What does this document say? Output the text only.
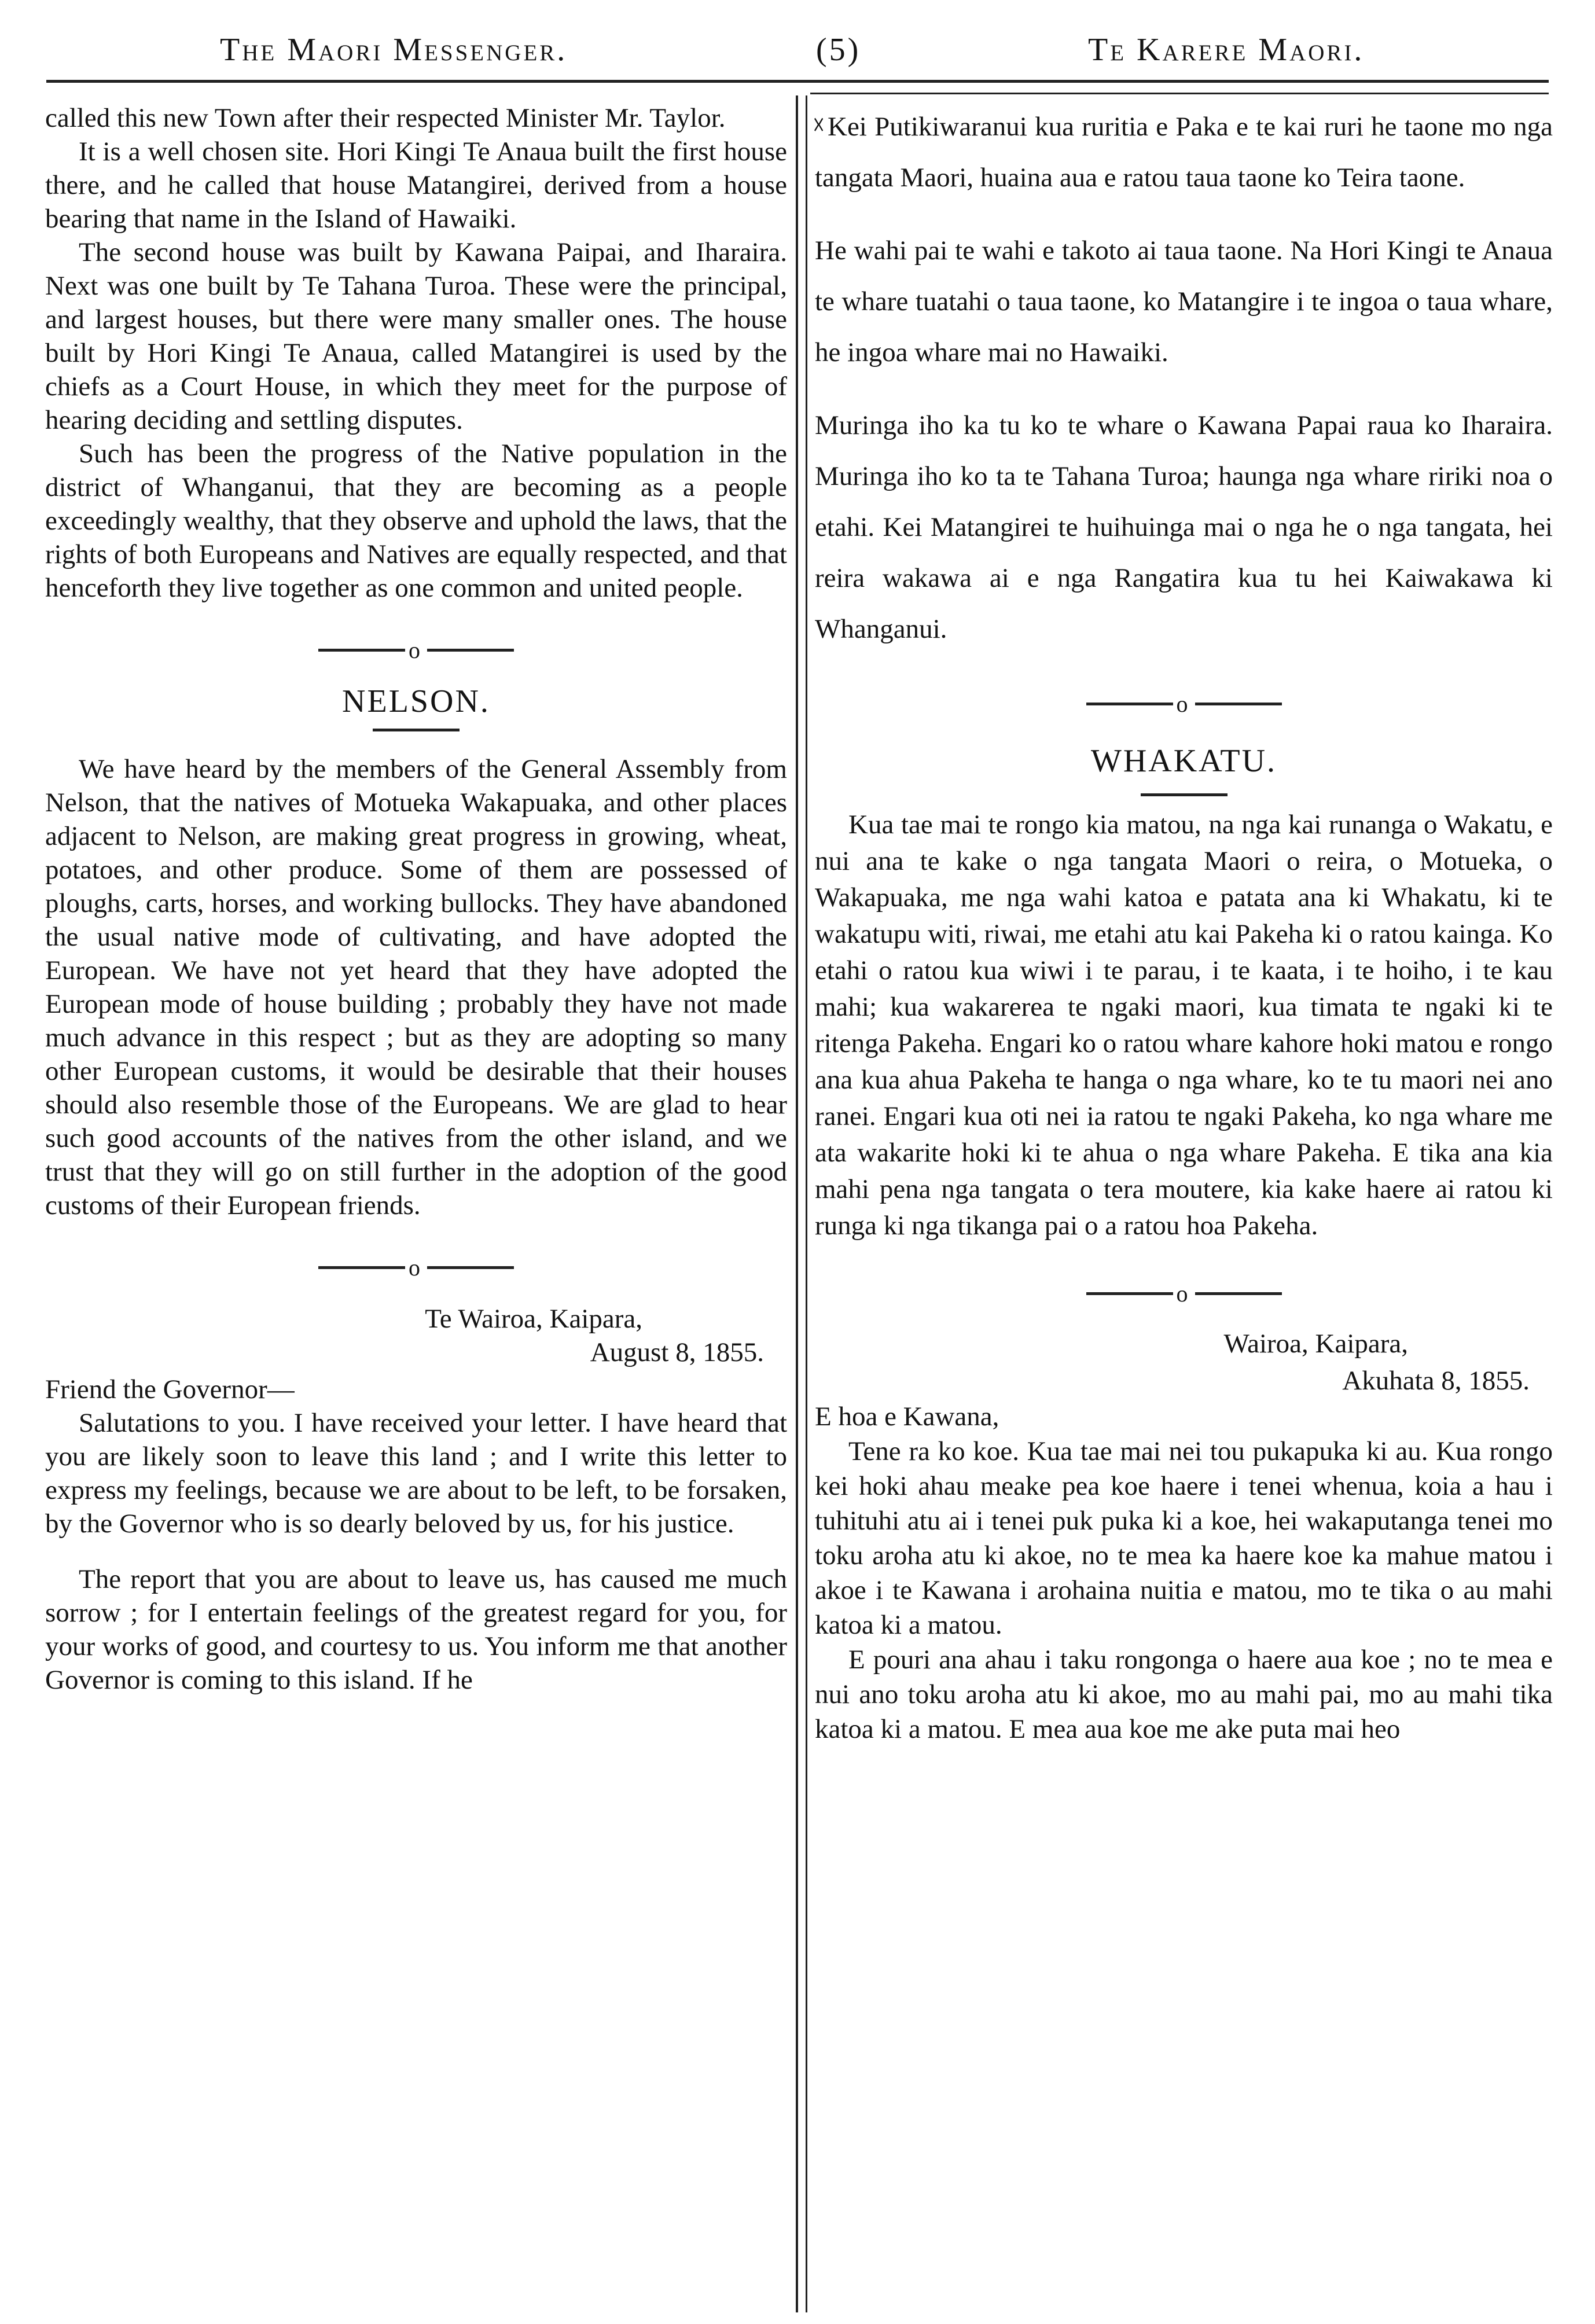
The Maori Messenger.	(5)	Te Karere Maori.

called this new Town after their respected Minister Mr. Taylor.

It is a well chosen site. Hori Kingi Te Anaua built the first house there, and he called that house Matangirei, derived from a house bearing that name in the Island of Hawaiki.

The second house was built by Kawana Paipai, and Iharaira. Next was one built by Te Tahana Turoa. These were the principal, and largest houses, but there were many smaller ones. The house built by Hori Kingi Te Anaua, called Matangirei is used by the chiefs as a Court House, in which they meet for the purpose of hearing deciding and settling disputes.

Such has been the progress of the Native population in the district of Whanganui, that they are becoming as a people exceedingly wealthy, that they observe and uphold the laws, that the rights of both Europeans and Natives are equally respected, and that henceforth they live together as one common and united people.

o
NELSON.

We have heard by the members of the General Assembly from Nelson, that the natives of Motueka Wakapuaka, and other places adjacent to Nelson, are making great progress in growing, wheat, potatoes, and other produce. Some of them are possessed of ploughs, carts, horses, and working bullocks. They have abandoned the usual native mode of cultivating, and have adopted the European. We have not yet heard that they have adopted the European mode of house building ; probably they have not made much advance in this respect ; but as they are adopting so many other European customs, it would be desirable that their houses should also resemble those of the Europeans. We are glad to hear such good accounts of the natives from the other island, and we trust that they will go on still further in the adoption of the good customs of their European friends.

o
Te Wairoa, Kaipara,
August 8, 1855.

Friend the Governor—

Salutations to you. I have received your letter. I have heard that you are likely soon to leave this land ; and I write this letter to express my feelings, because we are about to be left, to be forsaken, by the Governor who is so dearly beloved by us, for his justice.

The report that you are about to leave us, has caused me much sorrow ; for I entertain feelings of the greatest regard for you, for your works of good, and courtesy to us. You inform me that another Governor is coming to this island. If he

☓ Kei Putikiwaranui kua ruritia e Paka e te kai ruri he taone mo nga tangata Maori, huaina aua e ratou taua taone ko Teira taone.

He wahi pai te wahi e takoto ai taua taone. Na Hori Kingi te Anaua te whare tuatahi o taua taone, ko Matangire i te ingoa o taua whare, he ingoa whare mai no Hawaiki.

Muringa iho ka tu ko te whare o Kawana Papai raua ko Iharaira. Muringa iho ko ta te Tahana Turoa; haunga nga whare ririki noa o etahi. Kei Matangirei te huihuinga mai o nga he o nga tangata, hei reira wakawa ai e nga Rangatira kua tu hei Kaiwakawa ki Whanganui.

o
WHAKATU.

Kua tae mai te rongo kia matou, na nga kai runanga o Wakatu, e nui ana te kake o nga tangata Maori o reira, o Motueka, o Wakapuaka, me nga wahi katoa e patata ana ki Whakatu, ki te wakatupu witi, riwai, me etahi atu kai Pakeha ki o ratou kainga. Ko etahi o ratou kua wiwi i te parau, i te kaata, i te hoiho, i te kau mahi; kua wakarerea te ngaki maori, kua timata te ngaki ki te ritenga Pakeha. Engari ko o ratou whare kahore hoki matou e rongo ana kua ahua Pakeha te hanga o nga whare, ko te tu maori nei ano ranei. Engari kua oti nei ia ratou te ngaki Pakeha, ko nga whare me ata wakarite hoki ki te ahua o nga whare Pakeha. E tika ana kia mahi pena nga tangata o tera moutere, kia kake haere ai ratou ki runga ki nga tikanga pai o a ratou hoa Pakeha.

o
Wairoa, Kaipara,
Akuhata 8, 1855.

E hoa e Kawana,

Tene ra ko koe. Kua tae mai nei tou pukapuka ki au. Kua rongo kei hoki ahau meake pea koe haere i tenei whenua, koia a hau i tuhituhi atu ai i tenei puk puka ki a koe, hei wakaputanga tenei mo toku aroha atu ki akoe, no te mea ka haere koe ka mahue matou i akoe i te Kawana i arohaina nuitia e matou, mo te tika o au mahi katoa ki a matou.

E pouri ana ahau i taku rongonga o haere aua koe ; no te mea e nui ano toku aroha atu ki akoe, mo au mahi pai, mo au mahi tika katoa ki a matou. E mea aua koe me ake puta mai heo
